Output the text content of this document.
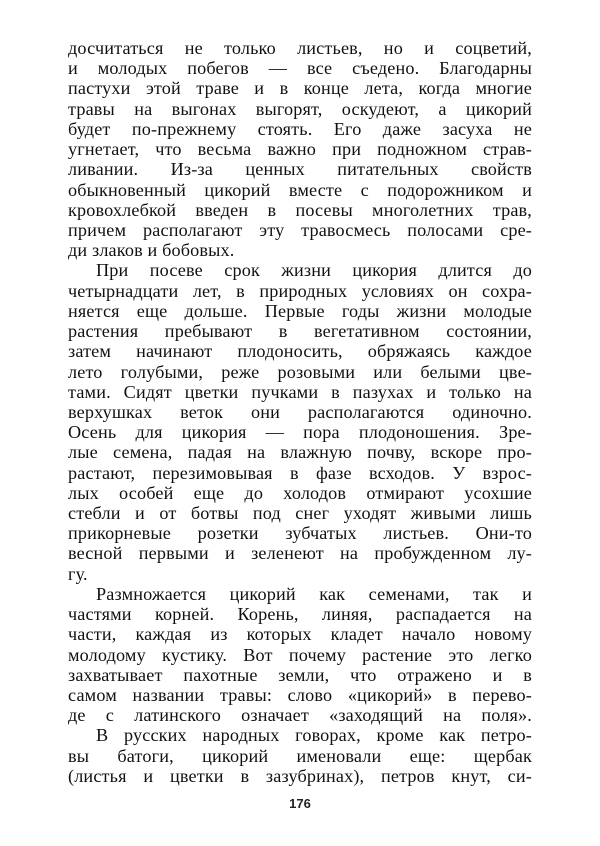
досчитаться не только листьев, но и соцветий,
и молодых побегов — все съедено. Благодарны
пастухи этой траве и в конце лета, когда многие
травы на выгонах выгорят, оскудеют, а цикорий
будет по-прежнему стоять. Его даже засуха не
угнетает, что весьма важно при подножном страв-
ливании. Из-за ценных питательных свойств
обыкновенный цикорий вместе с подорожником и
кровохлебкой введен в посевы многолетних трав,
причем располагают эту травосмесь полосами сре-
ди злаков и бобовых.
При посеве срок жизни цикория длится до
четырнадцати лет, в природных условиях он сохра-
няется еще дольше. Первые годы жизни молодые
растения пребывают в вегетативном состоянии,
затем начинают плодоносить, обряжаясь каждое
лето голубыми, реже розовыми или белыми цве-
тами. Сидят цветки пучками в пазухах и только на
верхушках веток они располагаются одиночно.
Осень для цикория — пора плодоношения. Зре-
лые семена, падая на влажную почву, вскоре про-
растают, перезимовывая в фазе всходов. У взрос-
лых особей еще до холодов отмирают усохшие
стебли и от ботвы под снег уходят живыми лишь
прикорневые розетки зубчатых листьев. Они-то
весной первыми и зеленеют на пробужденном лу-
гу.
Размножается цикорий как семенами, так и
частями корней. Корень, линяя, распадается на
части, каждая из которых кладет начало новому
молодому кустику. Вот почему растение это легко
захватывает пахотные земли, что отражено и в
самом названии травы: слово «цикорий» в перево-
де с латинского означает «заходящий на поля».
В русских народных говорах, кроме как петро-
вы батоги, цикорий именовали еще: щербак
(листья и цветки в зазубринах), петров кнут, си-
176
